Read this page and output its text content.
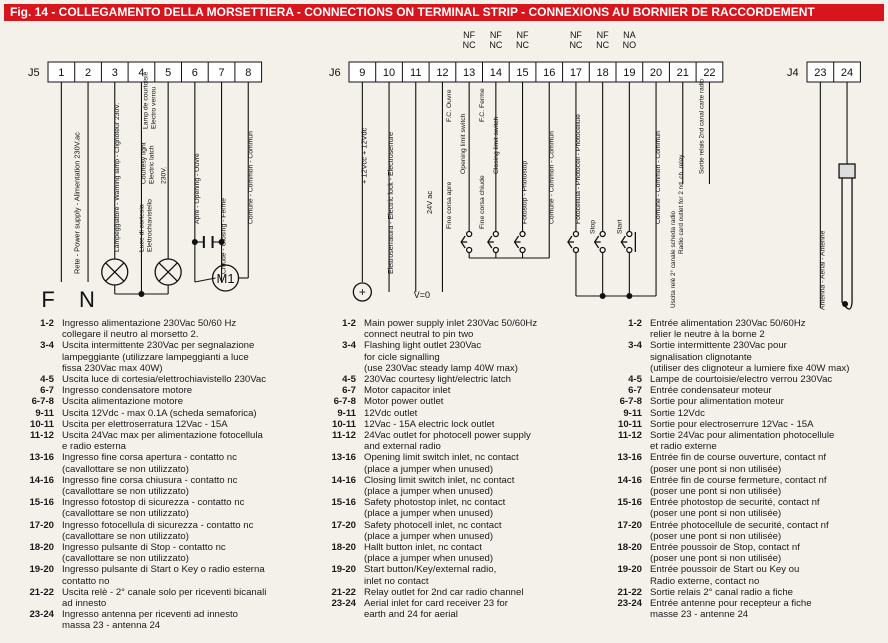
Fig. 14 - COLLEGAMENTO DELLA MORSETTIERA - CONNECTIONS ON TERMINAL STRIP - CONNEXIONS AU BORNIER DE RACCORDEMENT
J5 1 2 3 4 5 6 7 8	J6 9 10 11 12 13 14 15 16 17 18 19 20 21 22	J4 23 24
NF
NC
NF
NC
NF
NC
NF
NC
NF
NC
NA
NO
Rete - Power supply - Alimentation 230V.ac
F N
Lampeggiatore - Warning lamp - Clignoteur 230V.	Luce di cortesia Elettrochiavistello
Courtesy light Electric latch
Lamp de courtoisie Electro verrou
230V.	Apre - Opening - Ouvre
Chiude - Closing - Ferme
M1
Comune - Common - Commun
+
+ 12Vcc + 12Vdc	Elettroserratura - Electric lock - Electroserrure	24V ac
V=0
Fine corsa apre
Opening limit switch
F.C. Ouvre
Fine corsa chiude
Closing limit switch
F.C. Ferme
Fotostop - Photostop	Comune - Common - Commun	Fotocellula - Photocell - Photocellule
Stop	Start
Comune - Common - Commun
Uscita relè 2° canale scheda radio
Radio card outlet for 2 nd. ch. relay
Sortie relais 2nd canal carte radio
Antenna - Aerial - Antenne
1-2 Ingresso alimentazione 230Vac 50/60 Hz
collegare il neutro al morsetto 2.
3-4 Uscita intermittente 230Vac per segnalazione
lampeggiante (utilizzare lampeggianti a luce
fissa 230Vac max 40W)
4-5 Uscita luce di cortesia/elettrochiavistello 230Vac
6-7 Ingresso condensatore motore
6-7-8 Uscita alimentazione motore
9-11 Uscita 12Vdc - max 0.1A (scheda semaforica)
10-11 Uscita per elettroserratura 12Vac - 15A
11-12 Uscita 24Vac max per alimentazione fotocellula
e radio esterna
13-16 Ingresso fine corsa apertura - contatto nc
(cavallottare se non utilizzato)
14-16 Ingresso fine corsa chiusura - contatto nc
(cavallottare se non utilizzato)
15-16 Ingresso fotostop di sicurezza - contatto nc
(cavallottare se non utilizzato)
17-20 Ingresso fotocellula di sicurezza - contatto nc
(cavallottare se non utilizzato)
18-20 Ingresso pulsante di Stop - contatto nc
(cavallottare se non utilizzato)
19-20 Ingresso pulsante di Start o Key o radio esterna
contatto no
21-22 Uscita relè - 2° canale solo per riceventi bicanali
ad innesto
23-24 Ingresso antenna per riceventi ad innesto
massa 23 - antenna 24
1-2 Main power supply inlet 230Vac 50/60Hz
connect neutral to pin two
3-4 Flashing light outlet 230Vac
for cicle signalling
(use 230Vac steady lamp 40W max)
4-5 230Vac courtesy light/electric latch
6-7 Motor capacitor inlet
6-7-8 Motor power outlet
9-11 12Vdc outlet
10-11 12Vac - 15A electric lock outlet
11-12 24Vac outlet for photocell power supply
and external radio
13-16 Opening limit switch inlet, nc contact
(place a jumper when unused)
14-16 Closing limit switch inlet, nc contact
(place a jumper when unused)
15-16 Safety photostop inlet, nc contact
(place a jumper when unused)
17-20 Safety photocell inlet, nc contact
(place a jumper when unused)
18-20 Hallt button inlet, nc contact
(place a jumper when unused)
19-20 Start button/Key/external radio,
inlet no contact
21-22 Relay outlet for 2nd car radio channel
23-24 Aerial inlet for card receiver 23 for
earth and 24 for aerial
1-2 Entrée alimentation 230Vac 50/60Hz
relier le neutre à la borne 2
3-4 Sortie intermittente 230Vac pour
signalisation clignotante
(utiliser des clignoteur a lumiere fixe 40W max)
4-5 Lampe de courtoisie/electro verrou 230Vac
6-7 Entrée condensateur moteur
6-7-8 Sortie pour alimentation moteur
9-11 Sortie 12Vdc
10-11 Sortie pour electroserrure 12Vac - 15A
11-12 Sortie 24Vac pour alimentation photocellule
et radio externe
13-16 Entrée fin de course ouverture, contact nf
(poser une pont si non utilisée)
14-16 Entrée fin de course fermeture, contact nf
(poser une pont si non utilisée)
15-16 Entrée photostop de securité, contact nf
(poser une pont si non utilisée)
17-20 Entrée photocellule de securité, contact nf
(poser une pont si non utilisée)
18-20 Entrée poussoir de Stop, contact nf
(poser une pont si non utilisée)
19-20 Entrée poussoir de Start ou Key ou
Radio externe, contact no
21-22 Sortie relais 2° canal radio a fiche
23-24 Entrée antenne pour recepteur a fiche
masse 23 - antenne 24
